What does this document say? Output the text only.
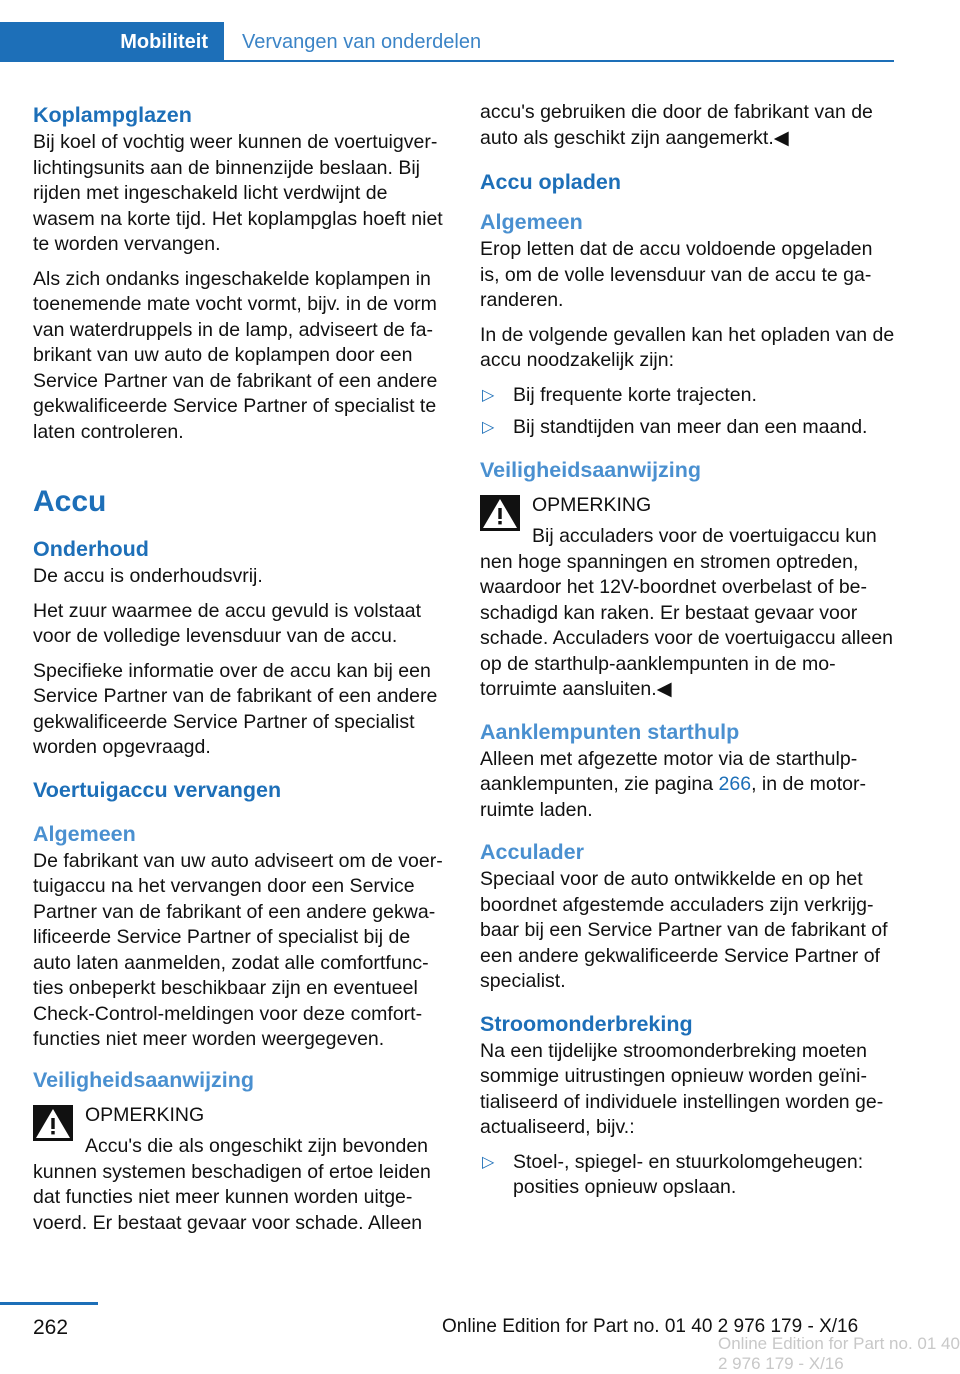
Mobiliteit	Vervangen van onderdelen
Koplampglazen

Bij koel of vochtig weer kunnen de voertuigverlichtingsunits aan de binnenzijde beslaan. Bij rijden met ingeschakeld licht verdwijnt de wasem na korte tijd. Het koplampglas hoeft niet te worden vervangen.

Als zich ondanks ingeschakelde koplampen in toenemende mate vocht vormt, bijv. in de vorm van waterdruppels in de lamp, adviseert de fabrikant van uw auto de koplampen door een Service Partner van de fabrikant of een andere gekwalificeerde Service Partner of specialist te laten controleren.

Accu
Onderhoud

De accu is onderhoudsvrij.

Het zuur waarmee de accu gevuld is volstaat voor de volledige levensduur van de accu.

Specifieke informatie over de accu kan bij een Service Partner van de fabrikant of een andere gekwalificeerde Service Partner of specialist worden opgevraagd.

Voertuigaccu vervangen
Algemeen

De fabrikant van uw auto adviseert om de voertuigaccu na het vervangen door een Service Partner van de fabrikant of een andere gekwalificeerde Service Partner of specialist bij de auto laten aanmelden, zodat alle comfortfuncties onbeperkt beschikbaar zijn en eventueel Check-Control-meldingen voor deze comfortfuncties niet meer worden weergegeven.

Veiligheidsaanwijzing
OPMERKING

Accu's die als ongeschikt zijn bevonden

kunnen systemen beschadigen of ertoe leiden dat functies niet meer kunnen worden uitgevoerd. Er bestaat gevaar voor schade. Alleen

accu's gebruiken die door de fabrikant van de auto als geschikt zijn aangemerkt.◀

Accu opladen
Algemeen

Erop letten dat de accu voldoende opgeladen is, om de volle levensduur van de accu te garanderen.

In de volgende gevallen kan het opladen van de accu noodzakelijk zijn:

▷ Bij frequente korte trajecten.
▷ Bij standtijden van meer dan een maand.
Veiligheidsaanwijzing
OPMERKING

Bij acculaders voor de voertuigaccu kun

nen hoge spanningen en stromen optreden, waardoor het 12V-boordnet overbelast of beschadigd kan raken. Er bestaat gevaar voor schade. Acculaders voor de voertuigaccu alleen op de starthulp-aanklempunten in de motorruimte aansluiten.◀

Aanklempunten starthulp

Alleen met afgezette motor via de starthulpaanklempunten, zie pagina 266, in de motorruimte laden.

Acculader

Speciaal voor de auto ontwikkelde en op het boordnet afgestemde acculaders zijn verkrijgbaar bij een Service Partner van de fabrikant of een andere gekwalificeerde Service Partner of specialist.

Stroomonderbreking

Na een tijdelijke stroomonderbreking moeten sommige uitrustingen opnieuw worden geïnitialiseerd of individuele instellingen worden geactualiseerd, bijv.:

▷ Stoel-, spiegel- en stuurkolomgeheugen: posities opnieuw opslaan.
262	Online Edition for Part no. 01 40 2 976 179 - X/16
Online Edition for Part no. 01 40 2 976 179 - X/16
